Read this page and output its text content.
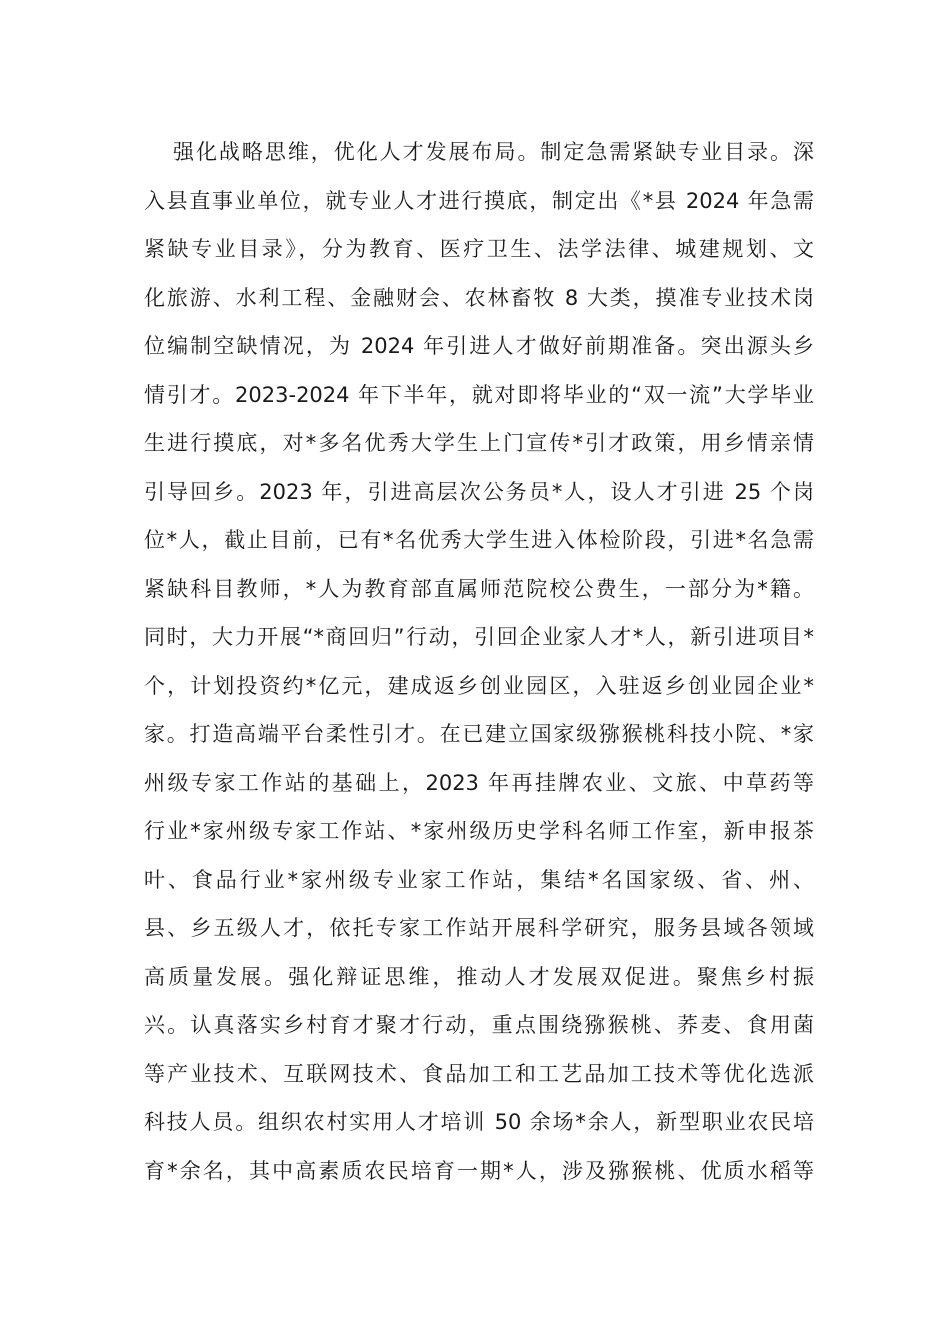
强化战略思维，优化人才发展布局。制定急需紧缺专业目录。深
入县直事业单位，就专业人才进行摸底，制定出《*县 2024 年急需
紧缺专业目录》，分为教育、医疗卫生、法学法律、城建规划、文
化旅游、水利工程、金融财会、农林畜牧 8 大类，摸准专业技术岗
位编制空缺情况，为 2024 年引进人才做好前期准备。突出源头乡
情引才。2023-2024 年下半年，就对即将毕业的“双一流”大学毕业
生进行摸底，对*多名优秀大学生上门宣传*引才政策，用乡情亲情
引导回乡。2023 年，引进高层次公务员*人，设人才引进 25 个岗
位*人，截止目前，已有*名优秀大学生进入体检阶段，引进*名急需
紧缺科目教师，*人为教育部直属师范院校公费生，一部分为*籍。
同时，大力开展“*商回归”行动，引回企业家人才*人，新引进项目*
个，计划投资约*亿元，建成返乡创业园区，入驻返乡创业园企业*
家。打造高端平台柔性引才。在已建立国家级猕猴桃科技小院、*家
州级专家工作站的基础上，2023 年再挂牌农业、文旅、中草药等
行业*家州级专家工作站、*家州级历史学科名师工作室，新申报茶
叶、食品行业*家州级专业家工作站，集结*名国家级、省、州、
县、乡五级人才，依托专家工作站开展科学研究，服务县域各领域
高质量发展。强化辩证思维，推动人才发展双促进。聚焦乡村振
兴。认真落实乡村育才聚才行动，重点围绕猕猴桃、荞麦、食用菌
等产业技术、互联网技术、食品加工和工艺品加工技术等优化选派
科技人员。组织农村实用人才培训 50 余场*余人，新型职业农民培
育*余名，其中高素质农民培育一期*人，涉及猕猴桃、优质水稻等
